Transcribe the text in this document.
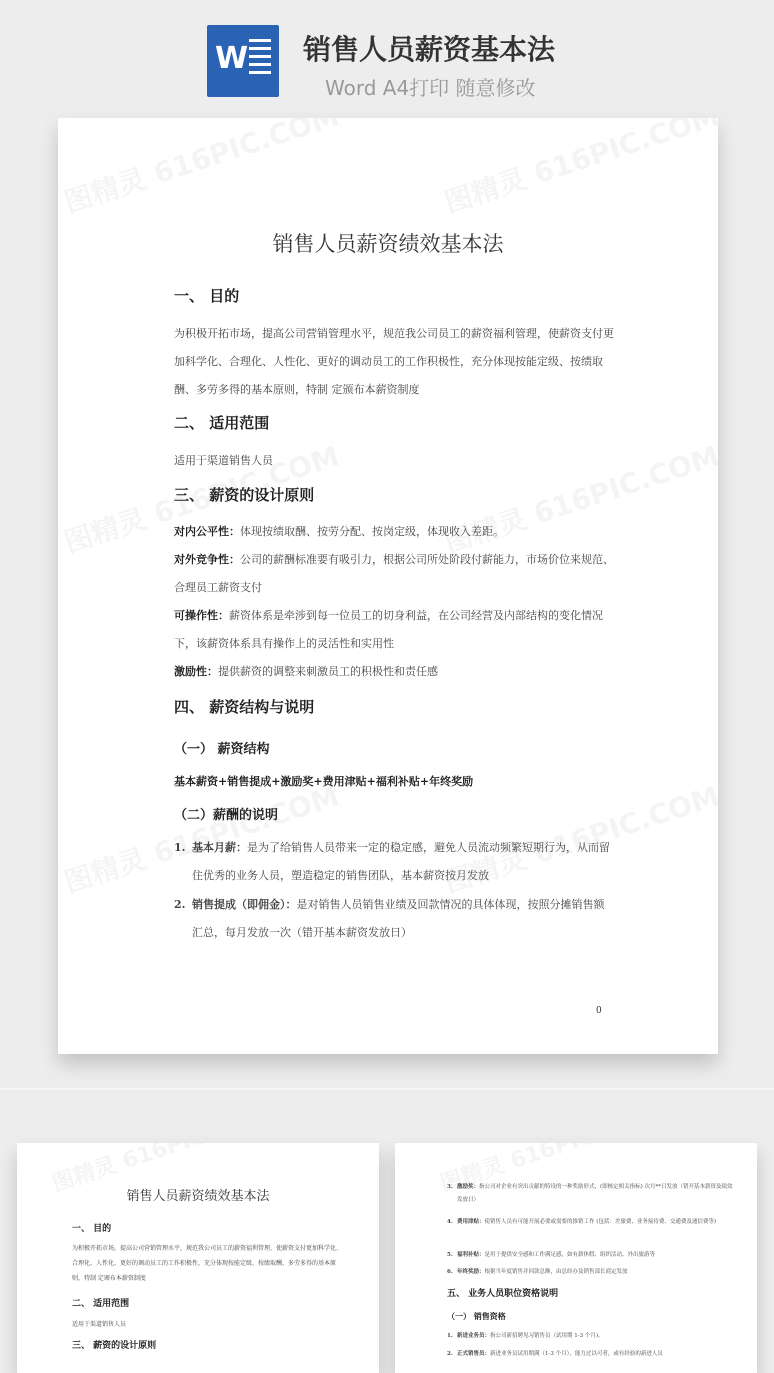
W 销售人员薪资基本法
Word A4打印 随意修改
销售人员薪资绩效基本法
一、 目的
为积极开拓市场，提高公司营销管理水平，规范我公司员工的薪资福利管理，使薪资支付更加科学化、合理化、人性化、更好的调动员工的工作积极性，充分体现按能定级、按绩取酬、多劳多得的基本原则，特制 定颁布本薪资制度
二、 适用范围
适用于渠道销售人员
三、 薪资的设计原则
对内公平性：体现按绩取酬、按劳分配、按岗定级，体现收入差距。
对外竞争性：公司的薪酬标准要有吸引力，根据公司所处阶段付薪能力，市场价位来规范、合理员工薪资支付
可操作性：薪资体系是牵涉到每一位员工的切身利益，在公司经营及内部结构的变化情况下，该薪资体系具有操作上的灵活性和实用性
激励性：提供薪资的调整来刺激员工的积极性和责任感
四、 薪资结构与说明
（一） 薪资结构
基本薪资+销售提成+激励奖+费用津贴+福利补贴+年终奖励
（二）薪酬的说明
1. 基本月薪：是为了给销售人员带来一定的稳定感，避免人员流动频繁短期行为，从而留住优秀的业务人员，塑造稳定的销售团队，基本薪资按月发放
2. 销售提成（即佣金）：是对销售人员销售业绩及回款情况的具体体现，按照分摊销售额汇总，每月发放一次（错开基本薪资发放日）
0
销售人员薪资绩效基本法
一、 目的
为积极开拓市场，提高公司营销管理水平，规范我公司员工的薪资福利管理，使薪资支付更加科学化、合理化、人性化、更好的调动员工的工作积极性，充分体现按能定级、按绩取酬、多劳多得的基本原则，特制 定颁布本薪资制度
二、 适用范围
适用于渠道销售人员
三、 薪资的设计原则
3. 激励奖：指公司对企业有突出贡献的特设的一种奖励形式，(即核定相关指标) 次月**日发放（错开基本薪资及绩效发放日）
4. 费用津贴：使销售人员有可能开展必要或需要的推销工作 (包括：差旅费、业务接待费、交通费及通信费等)
5. 福利补贴：是用于提供安全感和工作满足感，如有薪休假、组织活动、外出旅游等
6. 年终奖励：根据当年度销售并回款总额，由总经办及销售部长商定发放
五、 业务人员职位资格说明
（一） 销售资格
1. 新进业务员：指公司新招聘见习销售员（试用期 1-3 个月)。
2. 正式销售员：新进业务员试用期满（1-3 个月），能力过以可者，或有经验的新进人员
